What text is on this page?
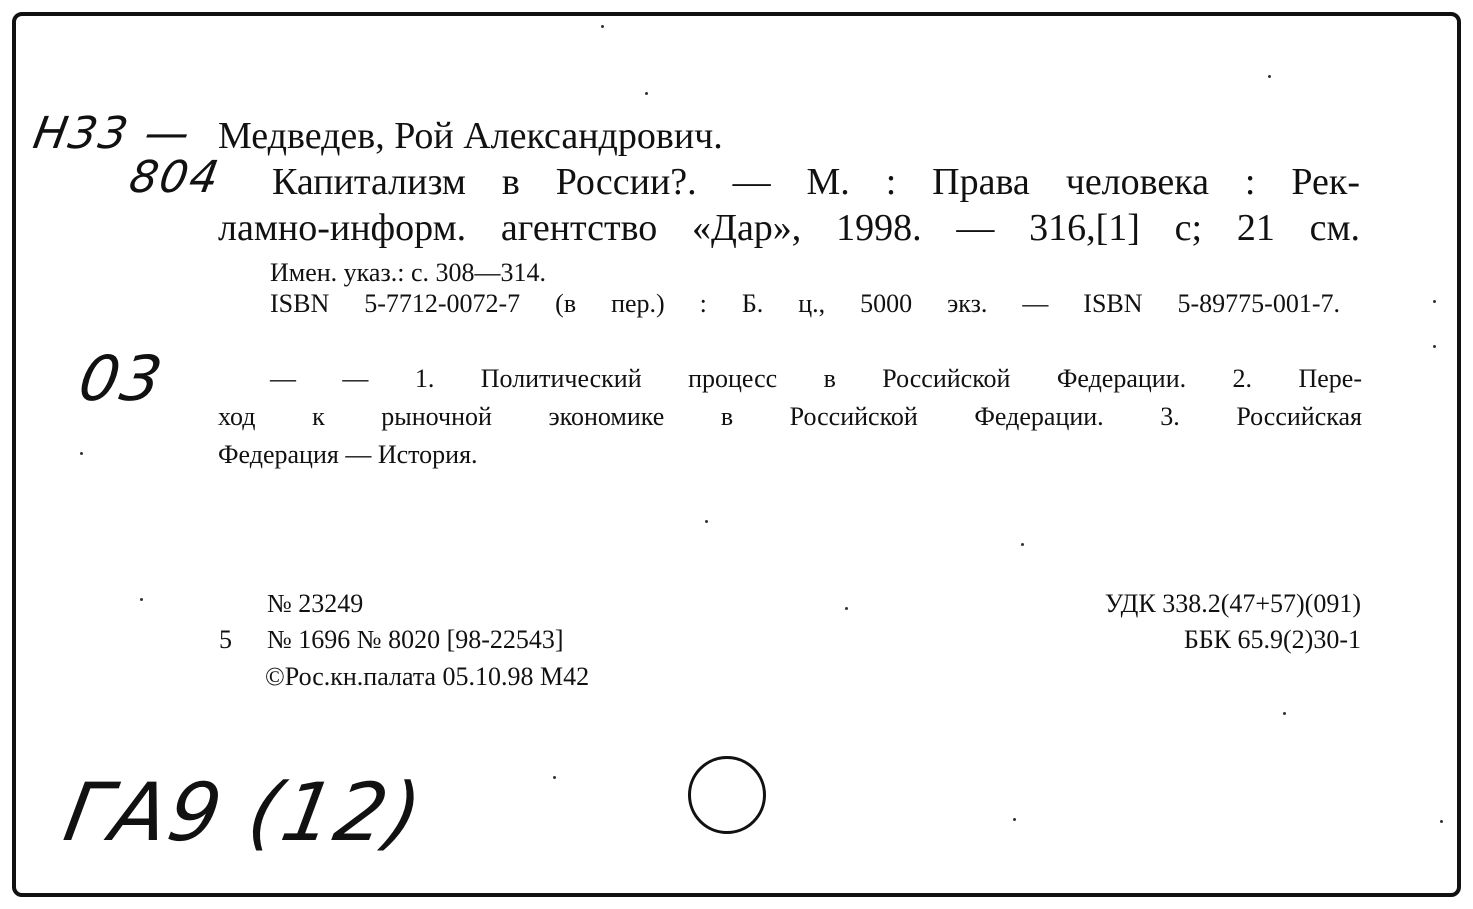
Н33 —
804
03
ГА9 (12)
Медведев, Рой Александрович.
Капитализм в России?. — М. : Права человека : Рек-
ламно-информ. агентство «Дар», 1998. — 316,[1] с; 21 см.
Имен. указ.: с. 308—314.
ISBN 5-7712-0072-7 (в пер.) : Б. ц., 5000 экз. — ISBN 5-89775-001-7.
— — 1. Политический процесс в Российской Федерации. 2. Пере-
ход к рыночной экономике в Российской Федерации. 3. Российская
Федерация — История.
№ 23249
5 № 1696 № 8020 [98-22543]
©Рос.кн.палата 05.10.98 М42
УДК 338.2(47+57)(091)
ББК 65.9(2)30-1
